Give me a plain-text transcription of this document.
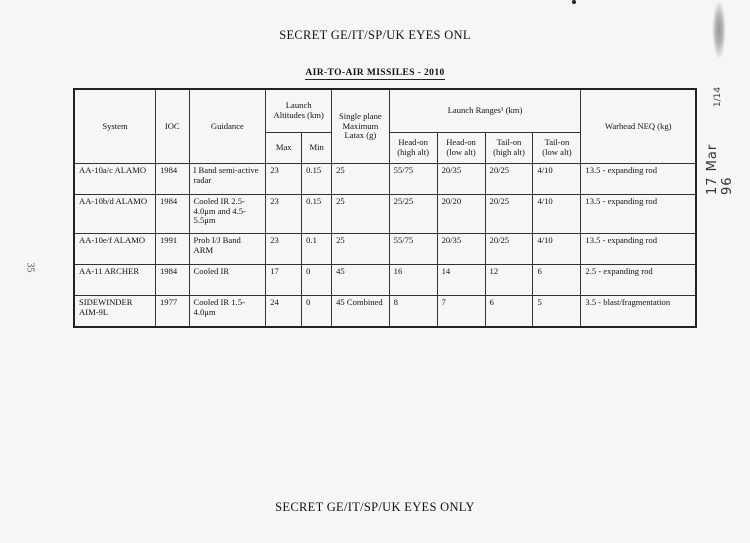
SECRET GE/IT/SP/UK EYES ONL
AIR-TO-AIR MISSILES - 2010
35
17 Mar 96
1/14
System	IOC	Guidance	Launch Altitudes (km)		Single plane Maximum Latax (g)	Launch Ranges¹ (km)				Warhead NEQ (kg)
			Max	Min		Head-on (high alt)	Head-on (low alt)	Tail-on (high alt)	Tail-on (low alt)	
AA-10a/c ALAMO	1984	I Band semi-active radar	23	0.15	25	55/75	20/35	20/25	4/10	13.5 - expanding rod
AA-10b/d ALAMO	1984	Cooled IR 2.5-4.0μm and 4.5-5.5μm	23	0.15	25	25/25	20/20	20/25	4/10	13.5 - expanding rod
AA-10e/f ALAMO	1991	Prob I/J Band ARM	23	0.1	25	55/75	20/35	20/25	4/10	13.5 - expanding rod
AA-11 ARCHER	1984	Cooled IR	17	0	45	16	14	12	6	2.5 - expanding rod
SIDEWINDER AIM-9L	1977	Cooled IR 1.5-4.0μm	24	0	45 Combined	8	7	6	5	3.5 - blast/fragmentation
SECRET GE/IT/SP/UK EYES ONLY
